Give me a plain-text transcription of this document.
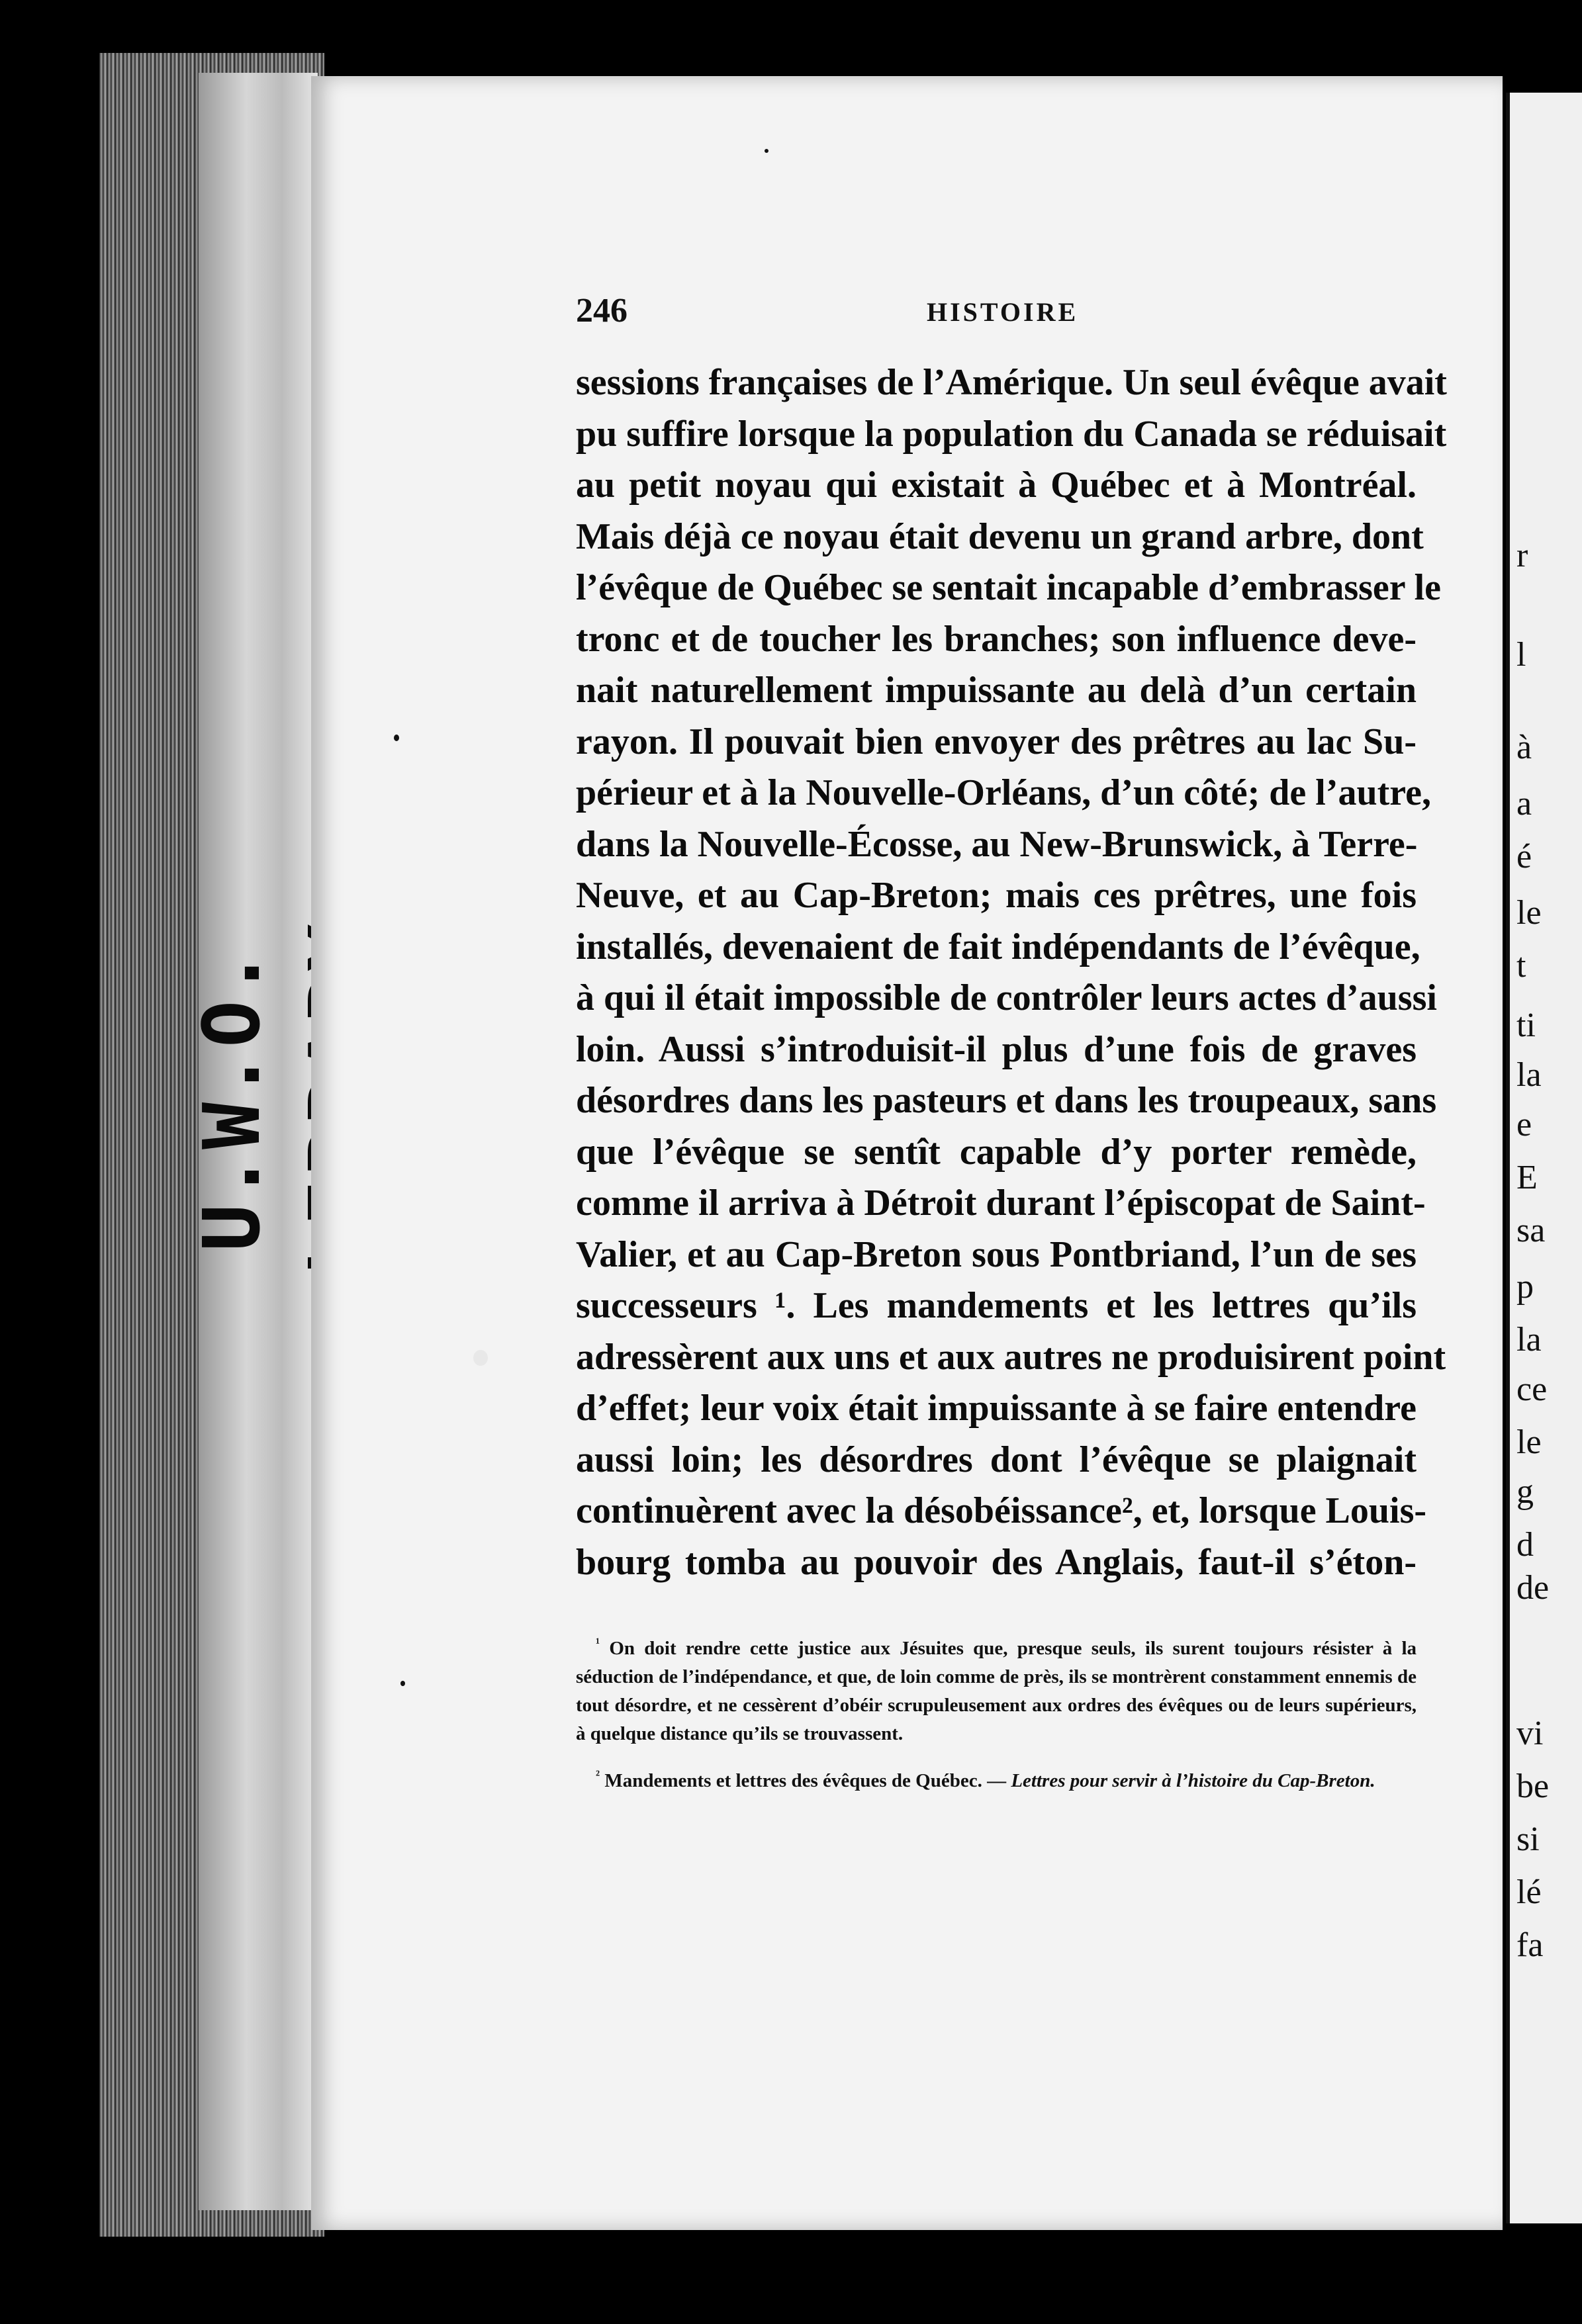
U.W.O.
r
l
à
a
é
le
t
ti
la
e
E
sa
p
la
ce
le
g
d
de
vi
be
si
lé
fa
246	HISTOIRE
sessions françaises de l’Amérique. Un seul évêque avait
pu suffire lorsque la population du Canada se réduisait
au petit noyau qui existait à Québec et à Montréal.
Mais déjà ce noyau était devenu un grand arbre, dont
l’évêque de Québec se sentait incapable d’embrasser le
tronc et de toucher les branches; son influence deve-
nait naturellement impuissante au delà d’un certain
rayon. Il pouvait bien envoyer des prêtres au lac Su-
périeur et à la Nouvelle-Orléans, d’un côté; de l’autre,
dans la Nouvelle-Écosse, au New-Brunswick, à Terre-
Neuve, et au Cap-Breton; mais ces prêtres, une fois
installés, devenaient de fait indépendants de l’évêque,
à qui il était impossible de contrôler leurs actes d’aussi
loin. Aussi s’introduisit-il plus d’une fois de graves
désordres dans les pasteurs et dans les troupeaux, sans
que l’évêque se sentît capable d’y porter remède,
comme il arriva à Détroit durant l’épiscopat de Saint-
Valier, et au Cap-Breton sous Pontbriand, l’un de ses
successeurs ¹. Les mandements et les lettres qu’ils
adressèrent aux uns et aux autres ne produisirent point
d’effet; leur voix était impuissante à se faire entendre
aussi loin; les désordres dont l’évêque se plaignait
continuèrent avec la désobéissance², et, lorsque Louis-
bourg tomba au pouvoir des Anglais, faut-il s’éton-

$^{^1}$ On doit rendre cette justice aux Jésuites que, presque seuls, ils surent toujours résister à la séduction de l’indépendance, et que, de loin comme de près, ils se montrèrent constamment ennemis de tout désordre, et ne cessèrent d’obéir scrupuleusement aux ordres des évêques ou de leurs supérieurs, à quelque distance qu’ils se trouvassent.

$^{^2}$ Mandements et lettres des évêques de Québec. — Lettres pour servir à l’histoire du Cap-Breton.
